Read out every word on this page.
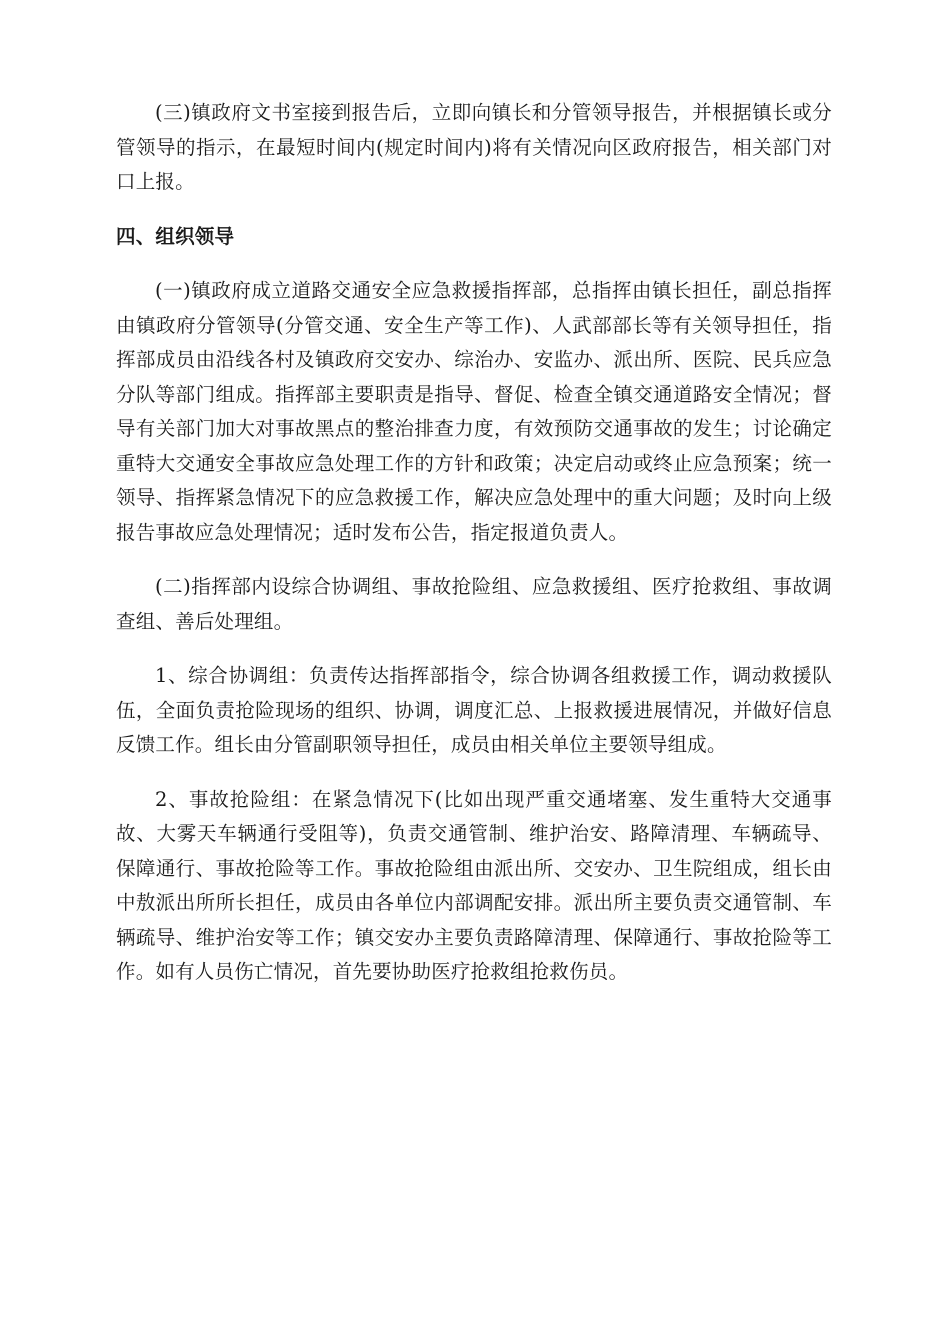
(三)镇政府文书室接到报告后，立即向镇长和分管领导报告，并根据镇长或分管领导的指示，在最短时间内(规定时间内)将有关情况向区政府报告，相关部门对口上报。

四、组织领导

(一)镇政府成立道路交通安全应急救援指挥部，总指挥由镇长担任，副总指挥由镇政府分管领导(分管交通、安全生产等工作)、人武部部长等有关领导担任，指挥部成员由沿线各村及镇政府交安办、综治办、安监办、派出所、医院、民兵应急分队等部门组成。指挥部主要职责是指导、督促、检查全镇交通道路安全情况；督导有关部门加大对事故黑点的整治排查力度，有效预防交通事故的发生；讨论确定重特大交通安全事故应急处理工作的方针和政策；决定启动或终止应急预案；统一领导、指挥紧急情况下的应急救援工作，解决应急处理中的重大问题；及时向上级报告事故应急处理情况；适时发布公告，指定报道负责人。

(二)指挥部内设综合协调组、事故抢险组、应急救援组、医疗抢救组、事故调查组、善后处理组。

1、综合协调组：负责传达指挥部指令，综合协调各组救援工作，调动救援队伍，全面负责抢险现场的组织、协调，调度汇总、上报救援进展情况，并做好信息反馈工作。组长由分管副职领导担任，成员由相关单位主要领导组成。

2、事故抢险组：在紧急情况下(比如出现严重交通堵塞、发生重特大交通事故、大雾天车辆通行受阻等)，负责交通管制、维护治安、路障清理、车辆疏导、保障通行、事故抢险等工作。事故抢险组由派出所、交安办、卫生院组成，组长由中敖派出所所长担任，成员由各单位内部调配安排。派出所主要负责交通管制、车辆疏导、维护治安等工作；镇交安办主要负责路障清理、保障通行、事故抢险等工作。如有人员伤亡情况，首先要协助医疗抢救组抢救伤员。
